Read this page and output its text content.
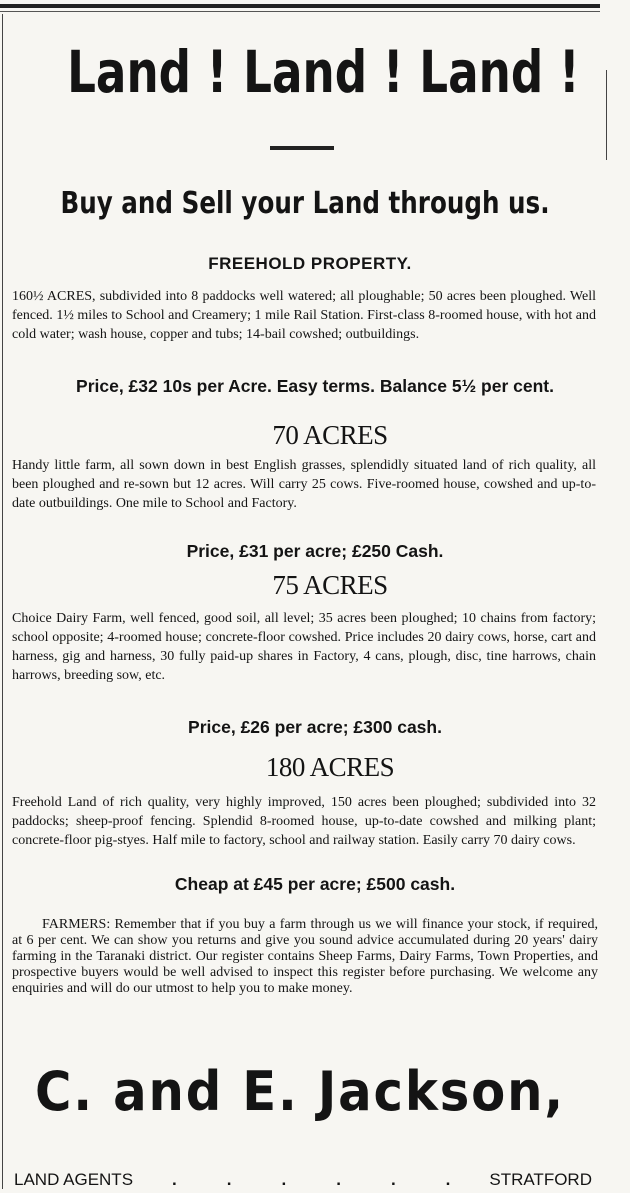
Land ! Land ! Land !
Buy and Sell your Land through us.
FREEHOLD PROPERTY.
160½ ACRES, subdivided into 8 paddocks well watered; all ploughable; 50 acres been ploughed. Well fenced. 1½ miles to School and Creamery; 1 mile Rail Station. First-class 8-roomed house, with hot and cold water; wash house, copper and tubs; 14-bail cowshed; outbuildings.
Price, £32 10s per Acre. Easy terms. Balance 5½ per cent.
70 ACRES
Handy little farm, all sown down in best English grasses, splendidly situated land of rich quality, all been ploughed and re-sown but 12 acres. Will carry 25 cows. Five-roomed house, cowshed and up-to-date outbuildings. One mile to School and Factory.
Price, £31 per acre; £250 Cash.
75 ACRES
Choice Dairy Farm, well fenced, good soil, all level; 35 acres been ploughed; 10 chains from factory; school opposite; 4-roomed house; concrete-floor cowshed. Price includes 20 dairy cows, horse, cart and harness, gig and harness, 30 fully paid-up shares in Factory, 4 cans, plough, disc, tine harrows, chain harrows, breeding sow, etc.
Price, £26 per acre; £300 cash.
180 ACRES
Freehold Land of rich quality, very highly improved, 150 acres been ploughed; subdivided into 32 paddocks; sheep-proof fencing. Splendid 8-roomed house, up-to-date cowshed and milking plant; concrete-floor pig-styes. Half mile to factory, school and railway station. Easily carry 70 dairy cows.
Cheap at £45 per acre; £500 cash.
FARMERS: Remember that if you buy a farm through us we will finance your stock, if required, at 6 per cent. We can show you returns and give you sound advice accumulated during 20 years' dairy farming in the Taranaki district. Our register contains Sheep Farms, Dairy Farms, Town Properties, and prospective buyers would be well advised to inspect this register before purchasing. We welcome any enquiries and will do our utmost to help you to make money.
C. and E. Jackson,
LAND AGENTS .	.	.	.	.	. STRATFORD
